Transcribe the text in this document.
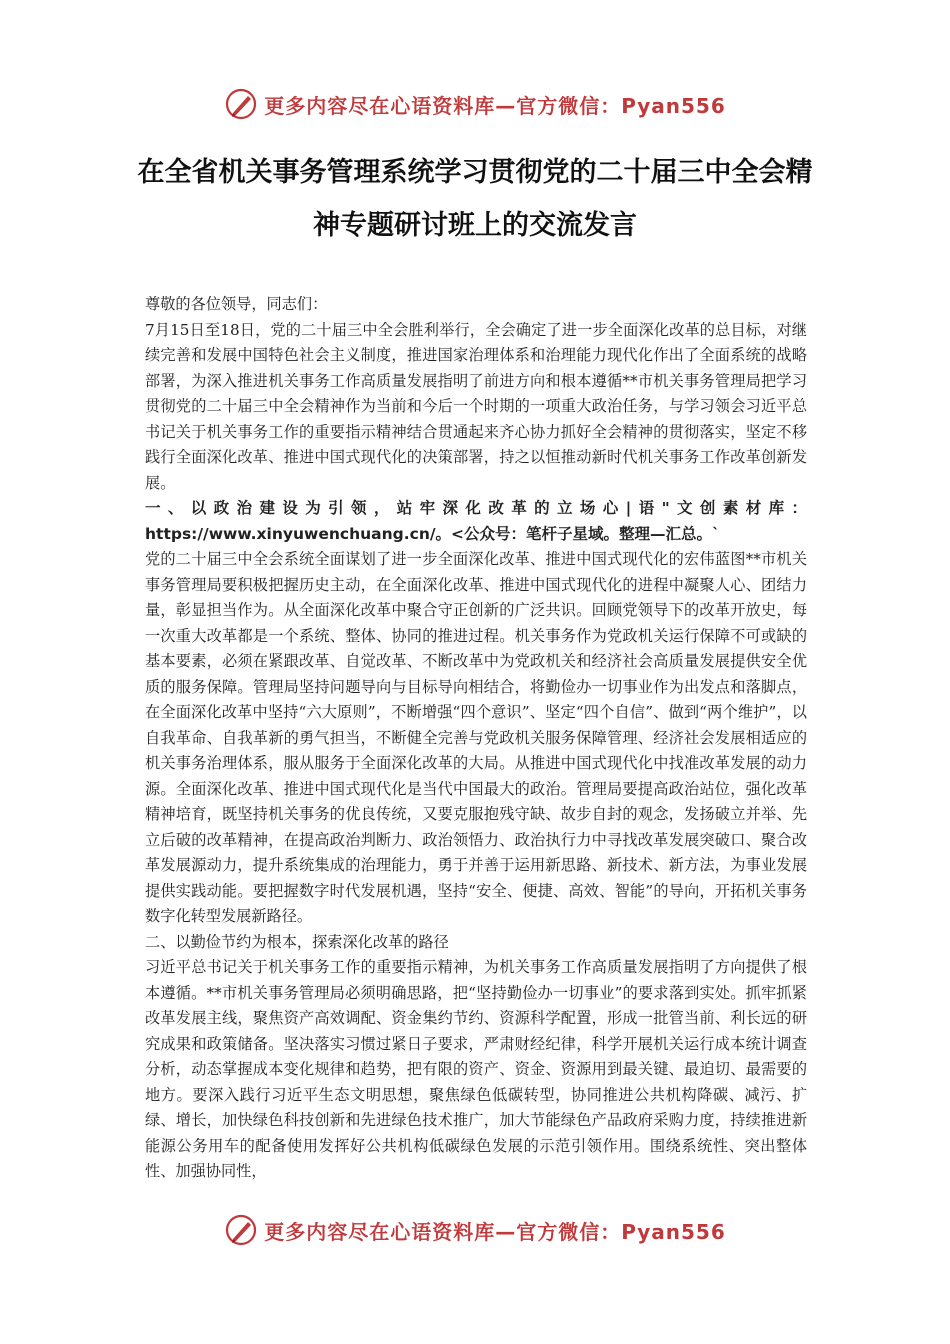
更多内容尽在心语资料库—官方微信：Pyan556
在全省机关事务管理系统学习贯彻党的二十届三中全会精神专题研讨班上的交流发言

尊敬的各位领导，同志们：

7月15日至18日，党的二十届三中全会胜利举行，全会确定了进一步全面深化改革的总目标，对继续完善和发展中国特色社会主义制度，推进国家治理体系和治理能力现代化作出了全面系统的战略部署，为深入推进机关事务工作高质量发展指明了前进方向和根本遵循**市机关事务管理局把学习贯彻党的二十届三中全会精神作为当前和今后一个时期的一项重大政治任务，与学习领会习近平总书记关于机关事务工作的重要指示精神结合贯通起来齐心协力抓好全会精神的贯彻落实，坚定不移践行全面深化改革、推进中国式现代化的决策部署，持之以恒推动新时代机关事务工作改革创新发展。

一、以政治建设为引领，站牢深化改革的立场心|语"文创素材库：https://www.xinyuwenchuang.cn/。<公众号：笔杆子星域。整理—汇总。`

党的二十届三中全会系统全面谋划了进一步全面深化改革、推进中国式现代化的宏伟蓝图**市机关事务管理局要积极把握历史主动，在全面深化改革、推进中国式现代化的进程中凝聚人心、团结力量，彰显担当作为。从全面深化改革中聚合守正创新的广泛共识。回顾党领导下的改革开放史，每一次重大改革都是一个系统、整体、协同的推进过程。机关事务作为党政机关运行保障不可或缺的基本要素，必须在紧跟改革、自觉改革、不断改革中为党政机关和经济社会高质量发展提供安全优质的服务保障。管理局坚持问题导向与目标导向相结合，将勤俭办一切事业作为出发点和落脚点，在全面深化改革中坚持“六大原则”，不断增强“四个意识”、坚定“四个自信”、做到“两个维护”，以自我革命、自我革新的勇气担当，不断健全完善与党政机关服务保障管理、经济社会发展相适应的机关事务治理体系，服从服务于全面深化改革的大局。从推进中国式现代化中找准改革发展的动力源。全面深化改革、推进中国式现代化是当代中国最大的政治。管理局要提高政治站位，强化改革精神培育，既坚持机关事务的优良传统，又要克服抱残守缺、故步自封的观念，发扬破立并举、先立后破的改革精神，在提高政治判断力、政治领悟力、政治执行力中寻找改革发展突破口、聚合改革发展源动力，提升系统集成的治理能力，勇于并善于运用新思路、新技术、新方法，为事业发展提供实践动能。要把握数字时代发展机遇，坚持“安全、便捷、高效、智能”的导向，开拓机关事务数字化转型发展新路径。

二、以勤俭节约为根本，探索深化改革的路径

习近平总书记关于机关事务工作的重要指示精神，为机关事务工作高质量发展指明了方向提供了根本遵循。**市机关事务管理局必须明确思路，把“坚持勤俭办一切事业”的要求落到实处。抓牢抓紧改革发展主线，聚焦资产高效调配、资金集约节约、资源科学配置，形成一批管当前、利长远的研究成果和政策储备。坚决落实习惯过紧日子要求，严肃财经纪律，科学开展机关运行成本统计调查分析，动态掌握成本变化规律和趋势，把有限的资产、资金、资源用到最关键、最迫切、最需要的地方。要深入践行习近平生态文明思想，聚焦绿色低碳转型，协同推进公共机构降碳、减污、扩绿、增长，加快绿色科技创新和先进绿色技术推广，加大节能绿色产品政府采购力度，持续推进新能源公务用车的配备使用发挥好公共机构低碳绿色发展的示范引领作用。围绕系统性、突出整体性、加强协同性，

更多内容尽在心语资料库—官方微信：Pyan556
